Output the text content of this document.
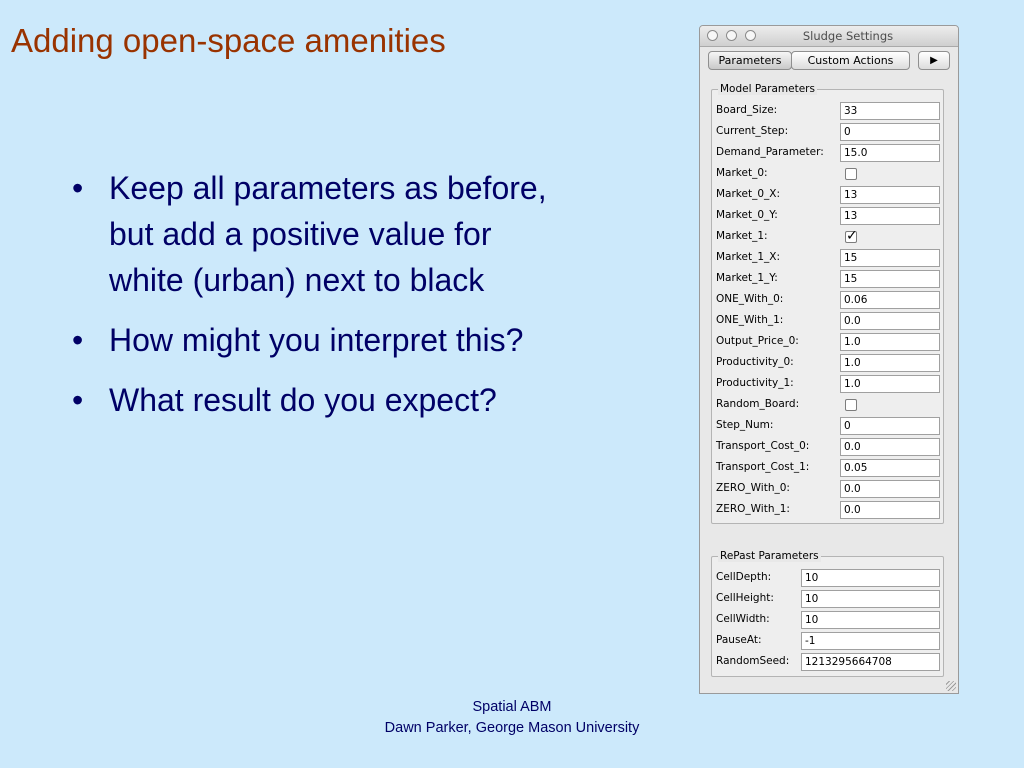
Adding open-space amenities
• Keep all parameters as before, but add a positive value for white (urban) next to black
• How might you interpret this?
• What result do you expect?
Spatial ABM
Dawn Parker, George Mason University
Sludge Settings
Parameters	Custom Actions	▶
Model Parameters
Board_Size:	33
Current_Step:	0
Demand_Parameter:	15.0
Market_0:
Market_0_X:	13
Market_0_Y:	13
Market_1:	✓
Market_1_X:	15
Market_1_Y:	15
ONE_With_0:	0.06
ONE_With_1:	0.0
Output_Price_0:	1.0
Productivity_0:	1.0
Productivity_1:	1.0
Random_Board:
Step_Num:	0
Transport_Cost_0:	0.0
Transport_Cost_1:	0.05
ZERO_With_0:	0.0
ZERO_With_1:	0.0
RePast Parameters
CellDepth:	10
CellHeight:	10
CellWidth:	10
PauseAt:	-1
RandomSeed:	1213295664708
